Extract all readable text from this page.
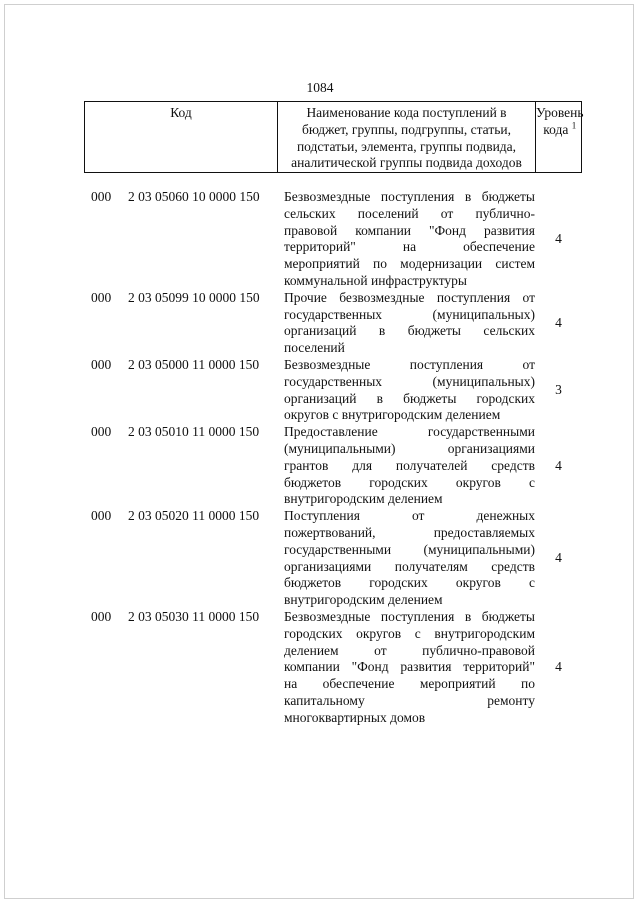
1084
Код	Наименование кода поступлений в
бюджет, группы, подгруппы, статьи,
подстатьи, элемента, группы подвида,
аналитической группы подвида доходов
Уровень
кода $^1$
000	2 03 05060 10 0000 150	Безвозмездные поступления в бюджеты
сельских поселений от публично-
правовой компании "Фонд развития
территорий" на обеспечение
мероприятий по модернизации систем
коммунальной инфраструктуры
4
000	2 03 05099 10 0000 150	Прочие безвозмездные поступления от
государственных (муниципальных)
организаций в бюджеты сельских
поселений
4
000	2 03 05000 11 0000 150	Безвозмездные поступления от
государственных (муниципальных)
организаций в бюджеты городских
округов с внутригородским делением
3
000	2 03 05010 11 0000 150	Предоставление государственными
(муниципальными) организациями
грантов для получателей средств
бюджетов городских округов с
внутригородским делением
4
000	2 03 05020 11 0000 150	Поступления от денежных
пожертвований, предоставляемых
государственными (муниципальными)
организациями получателям средств
бюджетов городских округов с
внутригородским делением
4
000	2 03 05030 11 0000 150	Безвозмездные поступления в бюджеты
городских округов с внутригородским
делением от публично-правовой
компании "Фонд развития территорий"
на обеспечение мероприятий по
капитальному ремонту
многоквартирных домов
4
